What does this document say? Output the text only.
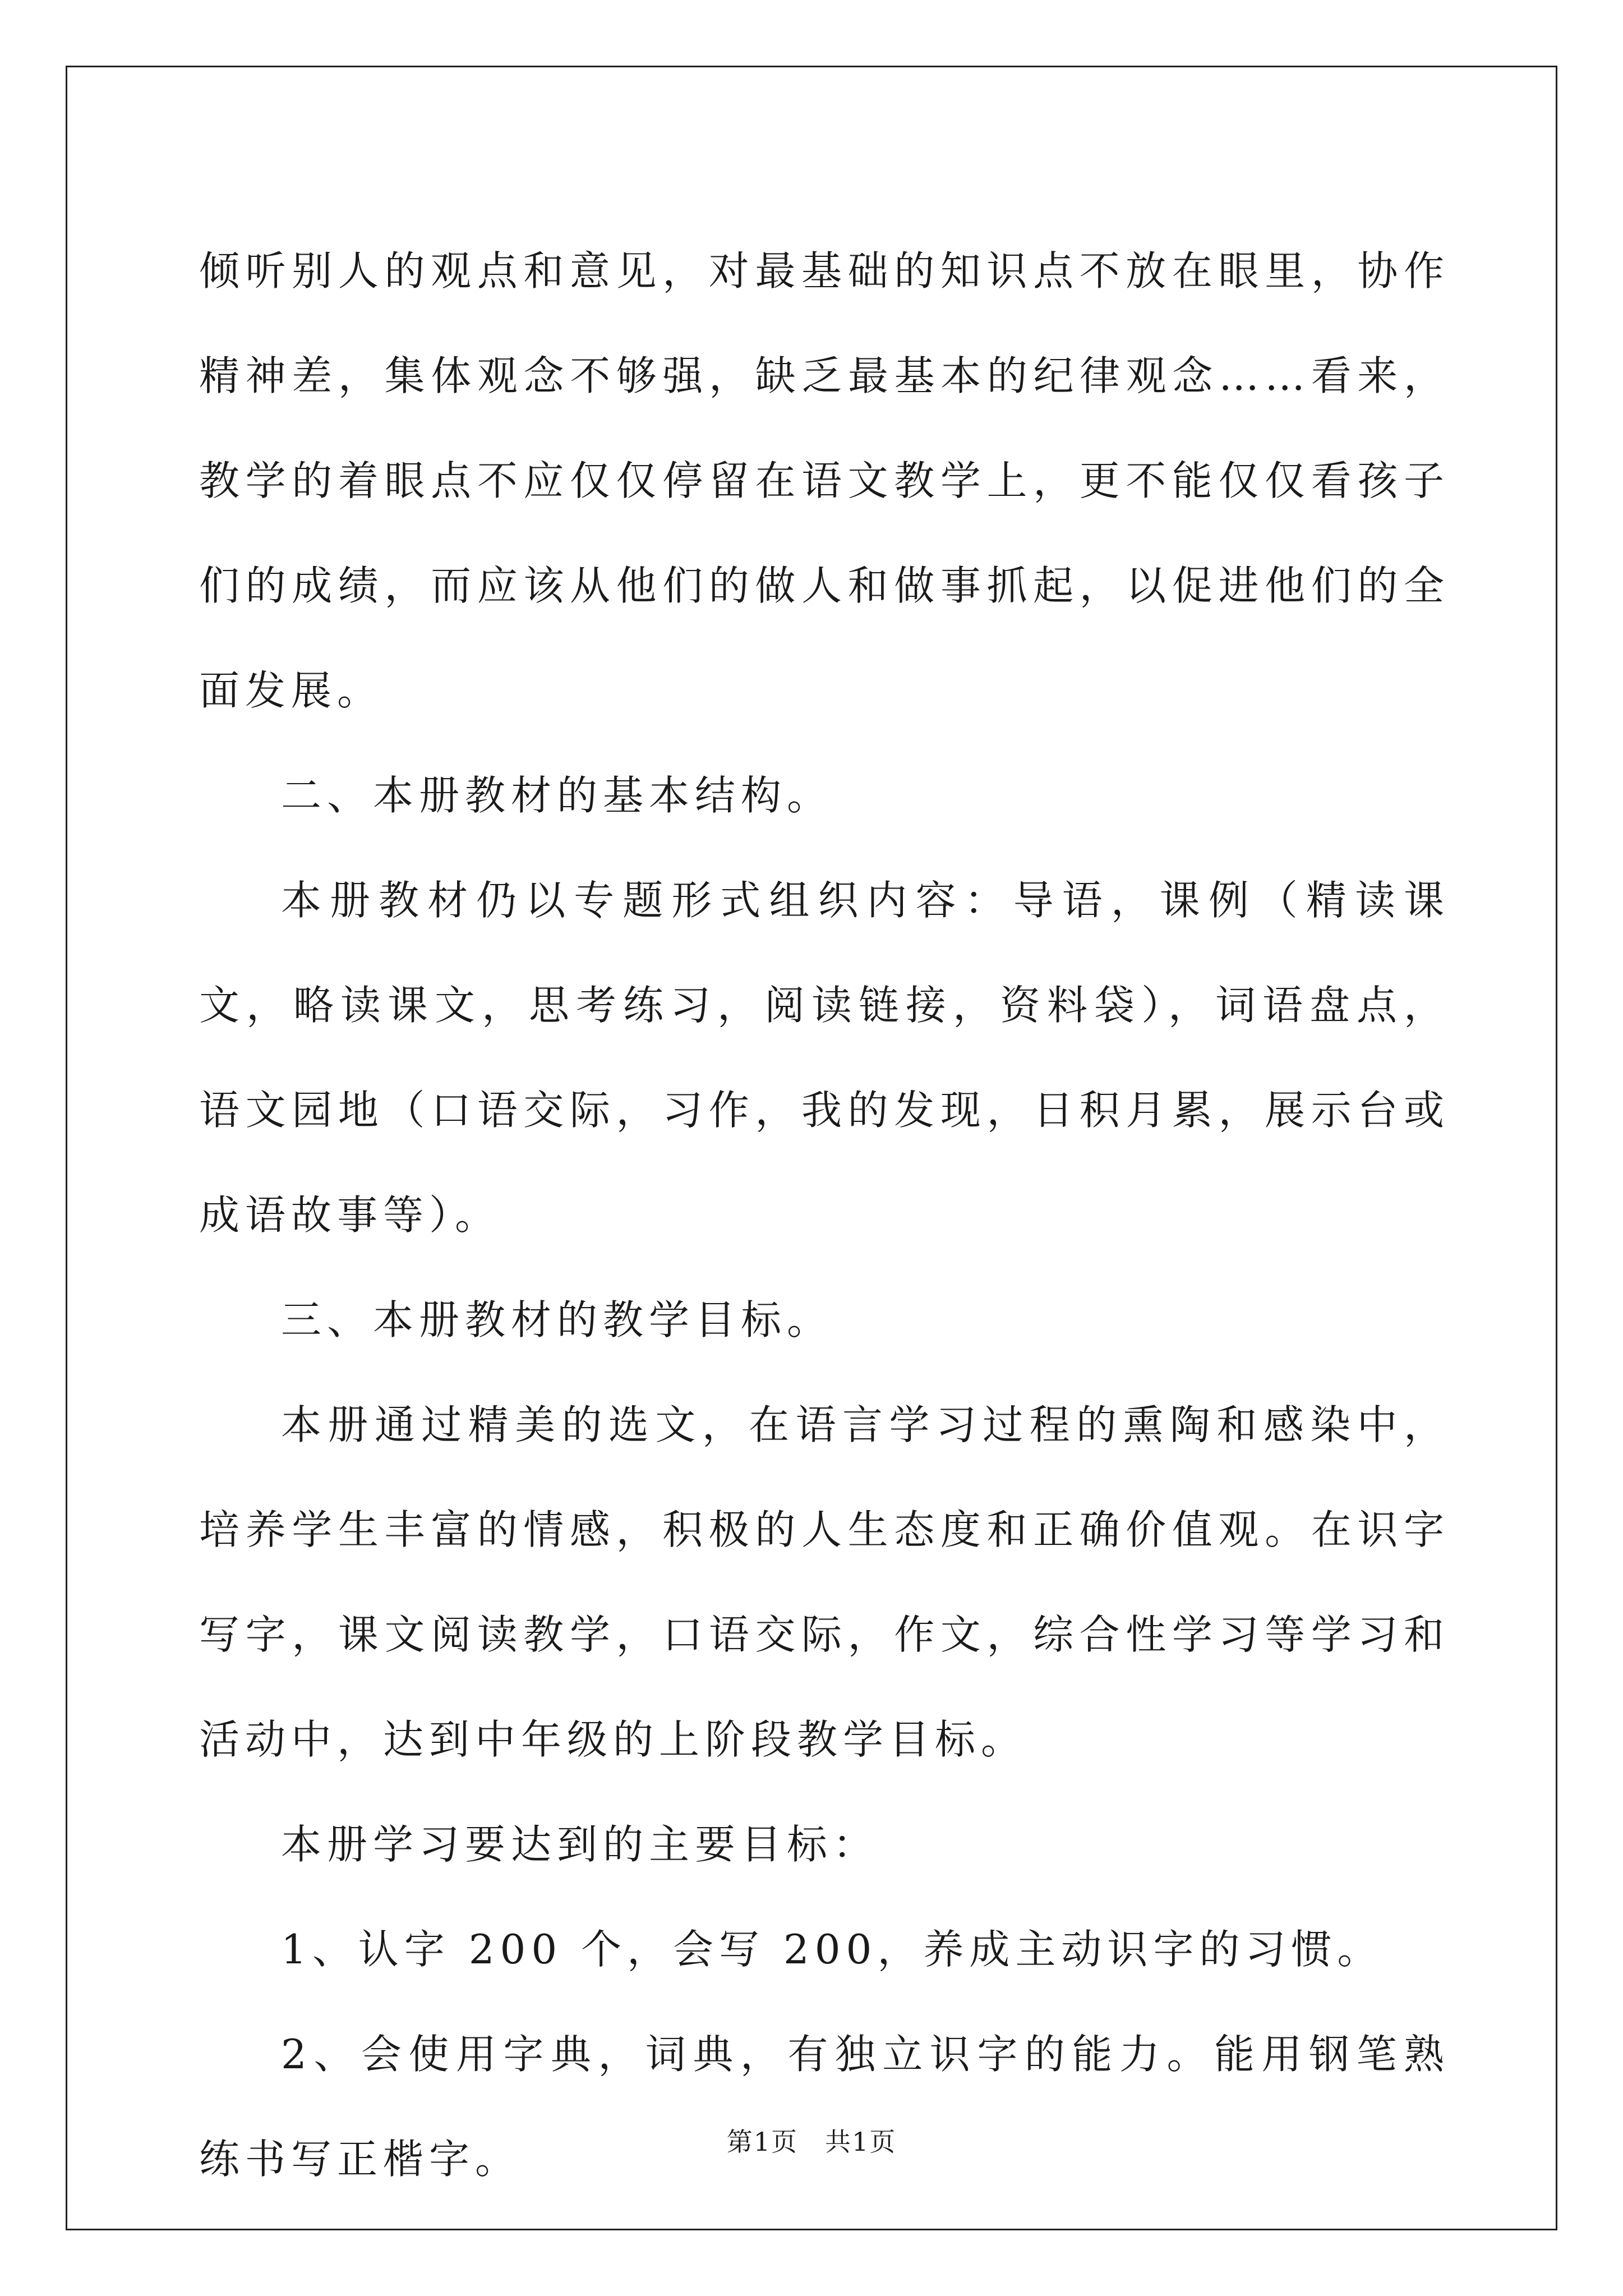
倾听别人的观点和意见，对最基础的知识点不放在眼里，协作精神差，集体观念不够强，缺乏最基本的纪律观念……看来，教学的着眼点不应仅仅停留在语文教学上，更不能仅仅看孩子们的成绩，而应该从他们的做人和做事抓起，以促进他们的全面发展。

二、本册教材的基本结构。

本册教材仍以专题形式组织内容：导语，课例（精读课文，略读课文，思考练习，阅读链接，资料袋），词语盘点，语文园地（口语交际，习作，我的发现，日积月累，展示台或成语故事等）。

三、本册教材的教学目标。

本册通过精美的选文，在语言学习过程的熏陶和感染中，培养学生丰富的情感，积极的人生态度和正确价值观。在识字写字，课文阅读教学，口语交际，作文，综合性学习等学习和活动中，达到中年级的上阶段教学目标。

本册学习要达到的主要目标：

1、认字 200 个，会写 200，养成主动识字的习惯。

2、会使用字典，词典，有独立识字的能力。能用钢笔熟练书写正楷字。	第1页　共1页
